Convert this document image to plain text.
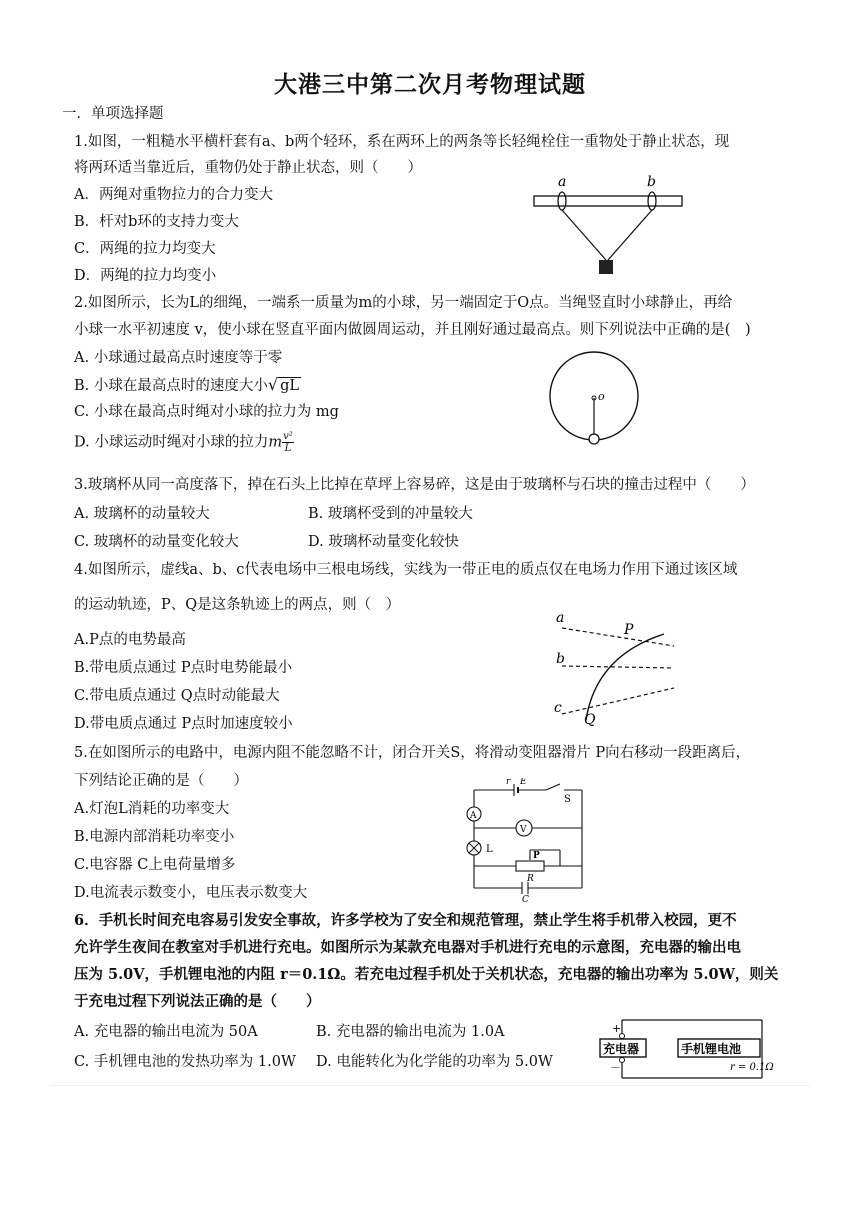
大港三中第二次月考物理试题
一．单项选择题
1.如图，一粗糙水平横杆套有a、b两个轻环，系在两环上的两条等长轻绳栓住一重物处于静止状态，现
将两环适当靠近后，重物仍处于静止状态，则（　　）
A．两绳对重物拉力的合力变大
B．杆对b环的支持力变大
C．两绳的拉力均变大
D．两绳的拉力均变小
a	b
2.如图所示，长为L的细绳，一端系一质量为m的小球，另一端固定于O点。当绳竖直时小球静止，再给
小球一水平初速度 v，使小球在竖直平面内做圆周运动，并且刚好通过最高点。则下列说法中正确的是(　)
A. 小球通过最高点时速度等于零
B. 小球在最高点时的速度大小√ gL
C. 小球在最高点时绳对小球的拉力为 mg
D. 小球运动时绳对小球的拉力m $\frac{\text{v²}}{L}$
o
3.玻璃杯从同一高度落下，掉在石头上比掉在草坪上容易碎，这是由于玻璃杯与石块的撞击过程中（　　）
A. 玻璃杯的动量较大	B. 玻璃杯受到的冲量较大
C. 玻璃杯的动量变化较大	D. 玻璃杯动量变化较快
4.如图所示，虚线a、b、c代表电场中三根电场线，实线为一带正电的质点仅在电场力作用下通过该区域
的运动轨迹，P、Q是这条轨迹上的两点，则（　）
A.P点的电势最高
B.带电质点通过 P点时电势能最小
C.带电质点通过 Q点时动能最大
D.带电质点通过 P点时加速度较小
a
P
b
c
Q
5.在如图所示的电路中，电源内阻不能忽略不计，闭合开关S，将滑动变阻器滑片 P向右移动一段距离后，
下列结论正确的是（　　）
A.灯泡L消耗的功率变大
B.电源内部消耗功率变小
C.电容器 C上电荷量增多
D.电流表示数变小，电压表示数变大
r E
S
A
V
L
P
R
C
6．手机长时间充电容易引发安全事故，许多学校为了安全和规范管理，禁止学生将手机带入校园，更不
允许学生夜间在教室对手机进行充电。如图所示为某款充电器对手机进行充电的示意图，充电器的输出电
压为 5.0V，手机锂电池的内阻 r＝0.1Ω。若充电过程手机处于关机状态，充电器的输出功率为 5.0W，则关
于充电过程下列说法正确的是（　　）
A. 充电器的输出电流为 50A	B. 充电器的输出电流为 1.0A
C. 手机锂电池的发热功率为 1.0W D. 电能转化为化学能的功率为 5.0W
+
－
充电器	手机锂电池
r = 0.1Ω
